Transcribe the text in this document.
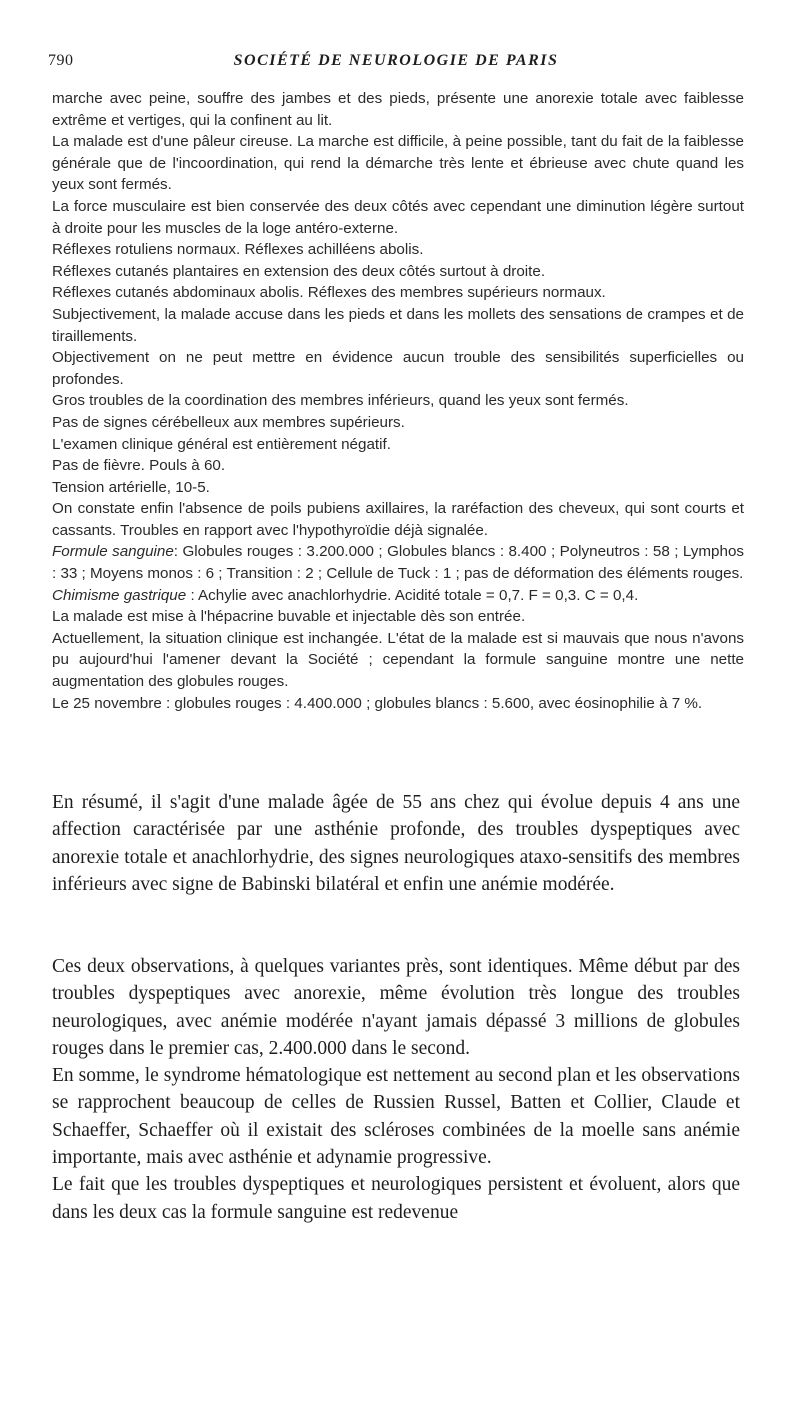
790	SOCIÉTÉ DE NEUROLOGIE DE PARIS

marche avec peine, souffre des jambes et des pieds, présente une anorexie totale avec faiblesse extrême et vertiges, qui la confinent au lit.

La malade est d'une pâleur cireuse. La marche est difficile, à peine possible, tant du fait de la faiblesse générale que de l'incoordination, qui rend la démarche très lente et ébrieuse avec chute quand les yeux sont fermés.

La force musculaire est bien conservée des deux côtés avec cependant une diminution légère surtout à droite pour les muscles de la loge antéro-externe.

Réflexes rotuliens normaux. Réflexes achilléens abolis.

Réflexes cutanés plantaires en extension des deux côtés surtout à droite.

Réflexes cutanés abdominaux abolis. Réflexes des membres supérieurs normaux.

Subjectivement, la malade accuse dans les pieds et dans les mollets des sensations de crampes et de tiraillements.

Objectivement on ne peut mettre en évidence aucun trouble des sensibilités superficielles ou profondes.

Gros troubles de la coordination des membres inférieurs, quand les yeux sont fermés.

Pas de signes cérébelleux aux membres supérieurs.

L'examen clinique général est entièrement négatif.

Pas de fièvre. Pouls à 60.

Tension artérielle, 10-5.

On constate enfin l'absence de poils pubiens axillaires, la raréfaction des cheveux, qui sont courts et cassants. Troubles en rapport avec l'hypothyroïdie déjà signalée.

Formule sanguine: Globules rouges : 3.200.000 ; Globules blancs : 8.400 ; Polyneutros : 58 ; Lymphos : 33 ; Moyens monos : 6 ; Transition : 2 ; Cellule de Tuck : 1 ; pas de déformation des éléments rouges.

Chimisme gastrique : Achylie avec anachlorhydrie. Acidité totale = 0,7. F = 0,3. C = 0,4.

La malade est mise à l'hépacrine buvable et injectable dès son entrée.

Actuellement, la situation clinique est inchangée. L'état de la malade est si mauvais que nous n'avons pu aujourd'hui l'amener devant la Société ; cependant la formule sanguine montre une nette augmentation des globules rouges.

Le 25 novembre : globules rouges : 4.400.000 ; globules blancs : 5.600, avec éosinophilie à 7 %.

En résumé, il s'agit d'une malade âgée de 55 ans chez qui évolue depuis 4 ans une affection caractérisée par une asthénie profonde, des troubles dyspeptiques avec anorexie totale et anachlorhydrie, des signes neurologiques ataxo-sensitifs des membres inférieurs avec signe de Babinski bilatéral et enfin une anémie modérée.

Ces deux observations, à quelques variantes près, sont identiques. Même début par des troubles dyspeptiques avec anorexie, même évolution très longue des troubles neurologiques, avec anémie modérée n'ayant jamais dépassé 3 millions de globules rouges dans le premier cas, 2.400.000 dans le second.

En somme, le syndrome hématologique est nettement au second plan et les observations se rapprochent beaucoup de celles de Russien Russel, Batten et Collier, Claude et Schaeffer, Schaeffer où il existait des scléroses combinées de la moelle sans anémie importante, mais avec asthénie et adynamie progressive.

Le fait que les troubles dyspeptiques et neurologiques persistent et évoluent, alors que dans les deux cas la formule sanguine est redevenue
